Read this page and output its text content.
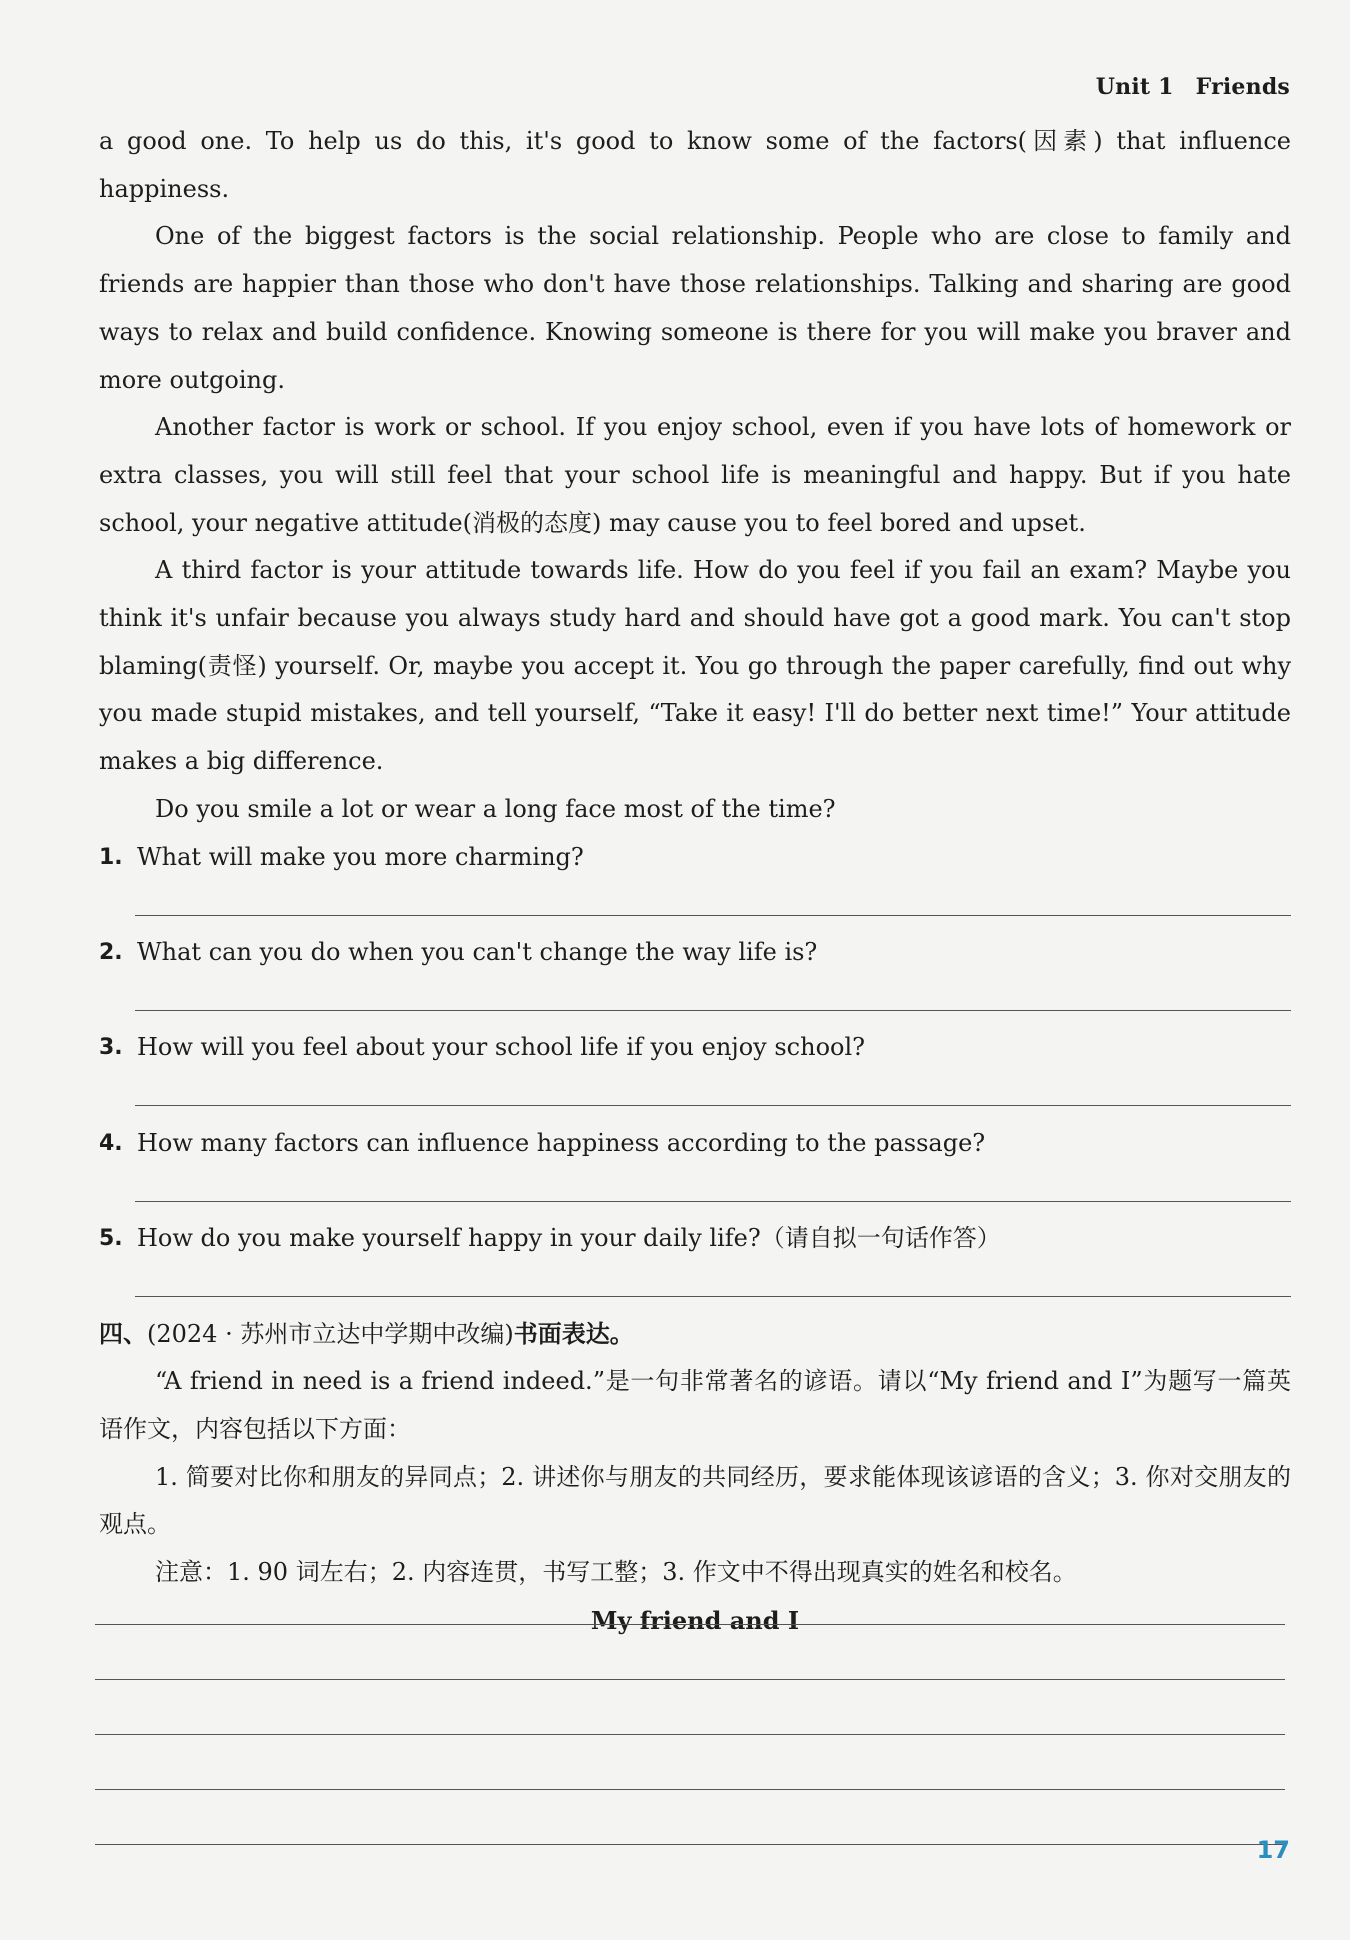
Unit 1 Friends

a good one. To help us do this, it's good to know some of the factors(因素) that influence happiness.

One of the biggest factors is the social relationship. People who are close to family and friends are happier than those who don't have those relationships. Talking and sharing are good ways to relax and build confidence. Knowing someone is there for you will make you braver and more outgoing.

Another factor is work or school. If you enjoy school, even if you have lots of homework or extra classes, you will still feel that your school life is meaningful and happy. But if you hate school, your negative attitude(消极的态度) may cause you to feel bored and upset.

A third factor is your attitude towards life. How do you feel if you fail an exam? Maybe you think it's unfair because you always study hard and should have got a good mark. You can't stop blaming(责怪) yourself. Or, maybe you accept it. You go through the paper carefully, find out why you made stupid mistakes, and tell yourself, “Take it easy! I'll do better next time!” Your attitude makes a big difference.

Do you smile a lot or wear a long face most of the time?

1. What will make you more charming?
2. What can you do when you can't change the way life is?
3. How will you feel about your school life if you enjoy school?
4. How many factors can influence happiness according to the passage?
5. How do you make yourself happy in your daily life?（请自拟一句话作答）

四、(2024 · 苏州市立达中学期中改编)书面表达。

“A friend in need is a friend indeed.”是一句非常著名的谚语。请以“My friend and I”为题写一篇英语作文，内容包括以下方面：

1. 简要对比你和朋友的异同点；2. 讲述你与朋友的共同经历，要求能体现该谚语的含义；3. 你对交朋友的观点。

注意：1. 90 词左右；2. 内容连贯，书写工整；3. 作文中不得出现真实的姓名和校名。

My friend and I

17
